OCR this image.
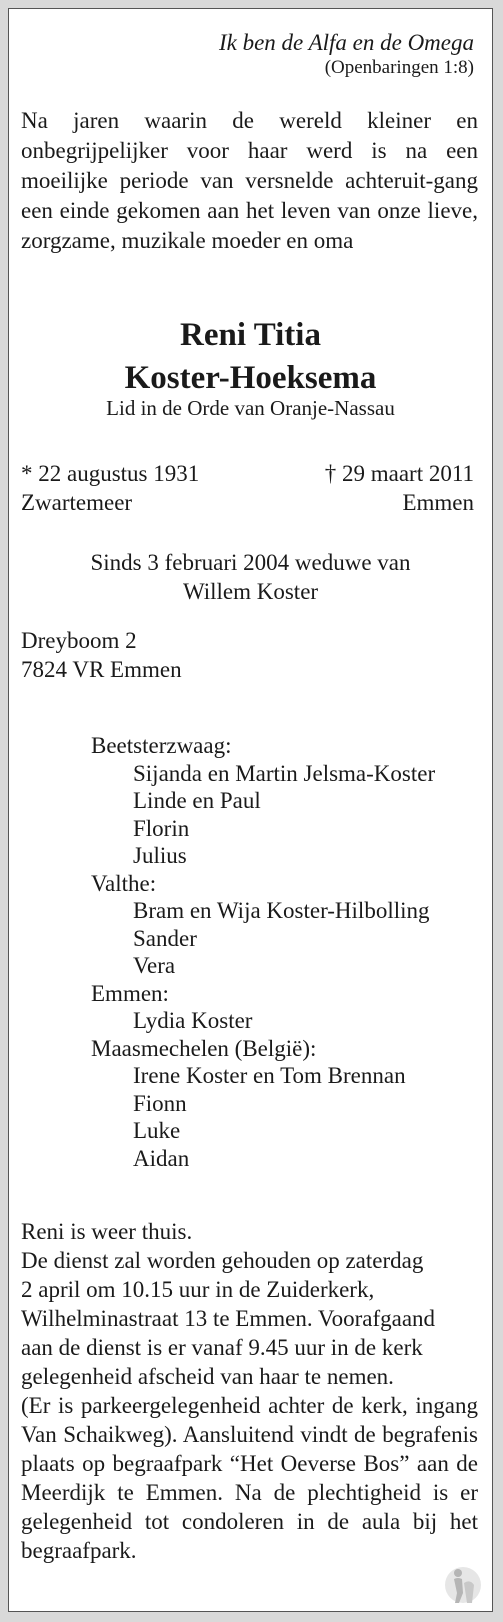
Ik ben de Alfa en de Omega
(Openbaringen 1:8)
Na jaren waarin de wereld kleiner en onbegrijpelijker voor haar werd is na een moeilijke periode van versnelde achteruit-gang een einde gekomen aan het leven van onze lieve, zorgzame, muzikale moeder en oma
Reni Titia
Koster-Hoeksema
Lid in de Orde van Oranje-Nassau
* 22 augustus 1931	† 29 maart 2011
Zwartemeer	Emmen
Sinds 3 februari 2004 weduwe van
Willem Koster
Dreyboom 2
7824 VR Emmen
Beetsterzwaag:
Sijanda en Martin Jelsma-Koster
Linde en Paul
Florin
Julius
Valthe:
Bram en Wija Koster-Hilbolling
Sander
Vera
Emmen:
Lydia Koster
Maasmechelen (België):
Irene Koster en Tom Brennan
Fionn
Luke
Aidan
Reni is weer thuis.
De dienst zal worden gehouden op zaterdag
2 april om 10.15 uur in de Zuiderkerk,
Wilhelminastraat 13 te Emmen. Voorafgaand
aan de dienst is er vanaf 9.45 uur in de kerk
gelegenheid afscheid van haar te nemen.
(Er is parkeergelegenheid achter de kerk, ingang Van Schaikweg). Aansluitend vindt de begrafenis plaats op begraafpark “Het Oeverse Bos” aan de Meerdijk te Emmen. Na de plechtigheid is er gelegenheid tot condoleren in de aula bij het begraafpark.
